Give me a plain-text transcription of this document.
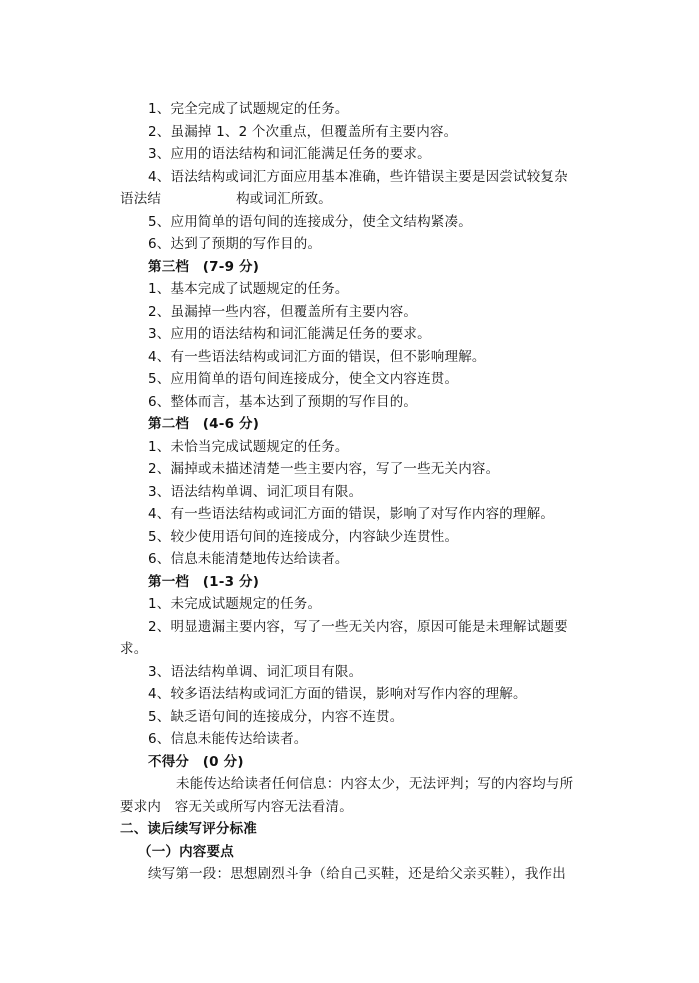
1、完全完成了试题规定的任务。
2、虽漏掉 1、2 个次重点，但覆盖所有主要内容。
3、应用的语法结构和词汇能满足任务的要求。
4、语法结构或词汇方面应用基本准确，些许错误主要是因尝试较复杂
语法结	构或词汇所致。
5、应用简单的语句间的连接成分，使全文结构紧凑。
6、达到了预期的写作目的。
第三档　(7-9 分)
1、基本完成了试题规定的任务。
2、虽漏掉一些内容，但覆盖所有主要内容。
3、应用的语法结构和词汇能满足任务的要求。
4、有一些语法结构或词汇方面的错误，但不影响理解。
5、应用简单的语句间连接成分，使全文内容连贯。
6、整体而言，基本达到了预期的写作目的。
第二档　(4-6 分)
1、未恰当完成试题规定的任务。
2、漏掉或未描述清楚一些主要内容，写了一些无关内容。
3、语法结构单调、词汇项目有限。
4、有一些语法结构或词汇方面的错误，影响了对写作内容的理解。
5、较少使用语句间的连接成分，内容缺少连贯性。
6、信息未能清楚地传达给读者。
第一档　(1-3 分)
1、未完成试题规定的任务。
2、明显遗漏主要内容，写了一些无关内容，原因可能是未理解试题要
求。
3、语法结构单调、词汇项目有限。
4、较多语法结构或词汇方面的错误，影响对写作内容的理解。
5、缺乏语句间的连接成分，内容不连贯。
6、信息未能传达给读者。
不得分　(0 分)
未能传达给读者任何信息：内容太少，无法评判；写的内容均与所
要求内　容无关或所写内容无法看清。
二、读后续写评分标准
（一）内容要点
续写第一段：思想剧烈斗争（给自己买鞋，还是给父亲买鞋），我作出
